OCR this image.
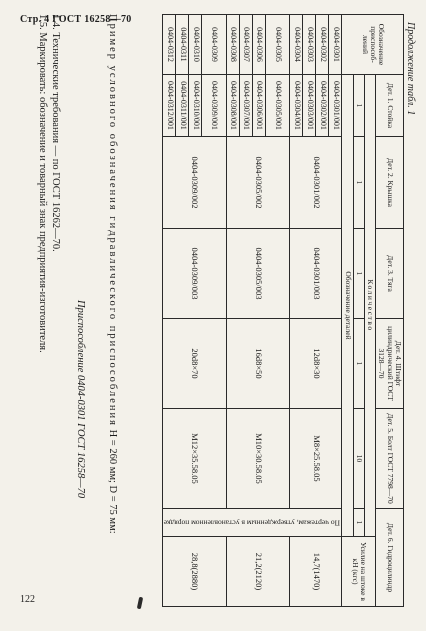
Стр. 4 ГОСТ 16258—70
122
Продолжение табл. 1
Обозначение приспособ-лений	Дет. 1. Стойка	Дет. 2. Крышка	Дет. 3. Тяга	Дет. 4. Штифт цилиндрический ГОСТ 3128—70	Дет. 5. Болт ГОСТ 7798—70	Дет. 6. Гидроцилиндр	
	Количество						Усилие на штоке в кН (кгс)
	1	1	1	1	10	1	
	Обозначение деталей						
0404-0301	0404-0301/001	0404-0301/002	0404-0301/003	12d8×30	М8×25.58.05	По чертежам, утвержденным в установленном порядке	14,7(1470)
0404-0302	0404-0302/001						
0404-0303	0404-0303/001						
0404-0304	0404-0304/001						
0404-0305	0404-0305/001	0404-0305/002	0404-0305/003	16d8×50	М10×30.58.05		21,2(2120)
0404-0306	0404-0306/001						
0404-0307	0404-0307/001						
0404-0308	0404-0308/001						
0404-0309	0404-0309/001	0404-0309/002	0404-0309/003	20d8×70	М12×35.58.05		28,8(2880)
0404-0310	0404-0310/001						
0404-0311	0404-0311/001						
0404-0312	0404-0312/001						
Пример условного обозначения гидравлического приспособления H = 260 мм; D = 75 мм:
Приспособление 0404-0301 ГОСТ 16258—70
1.4. Технические требования — по ГОСТ 16262—70.
1.5. Маркировать: обозначение и товарный знак предприятия-изготовителя.
